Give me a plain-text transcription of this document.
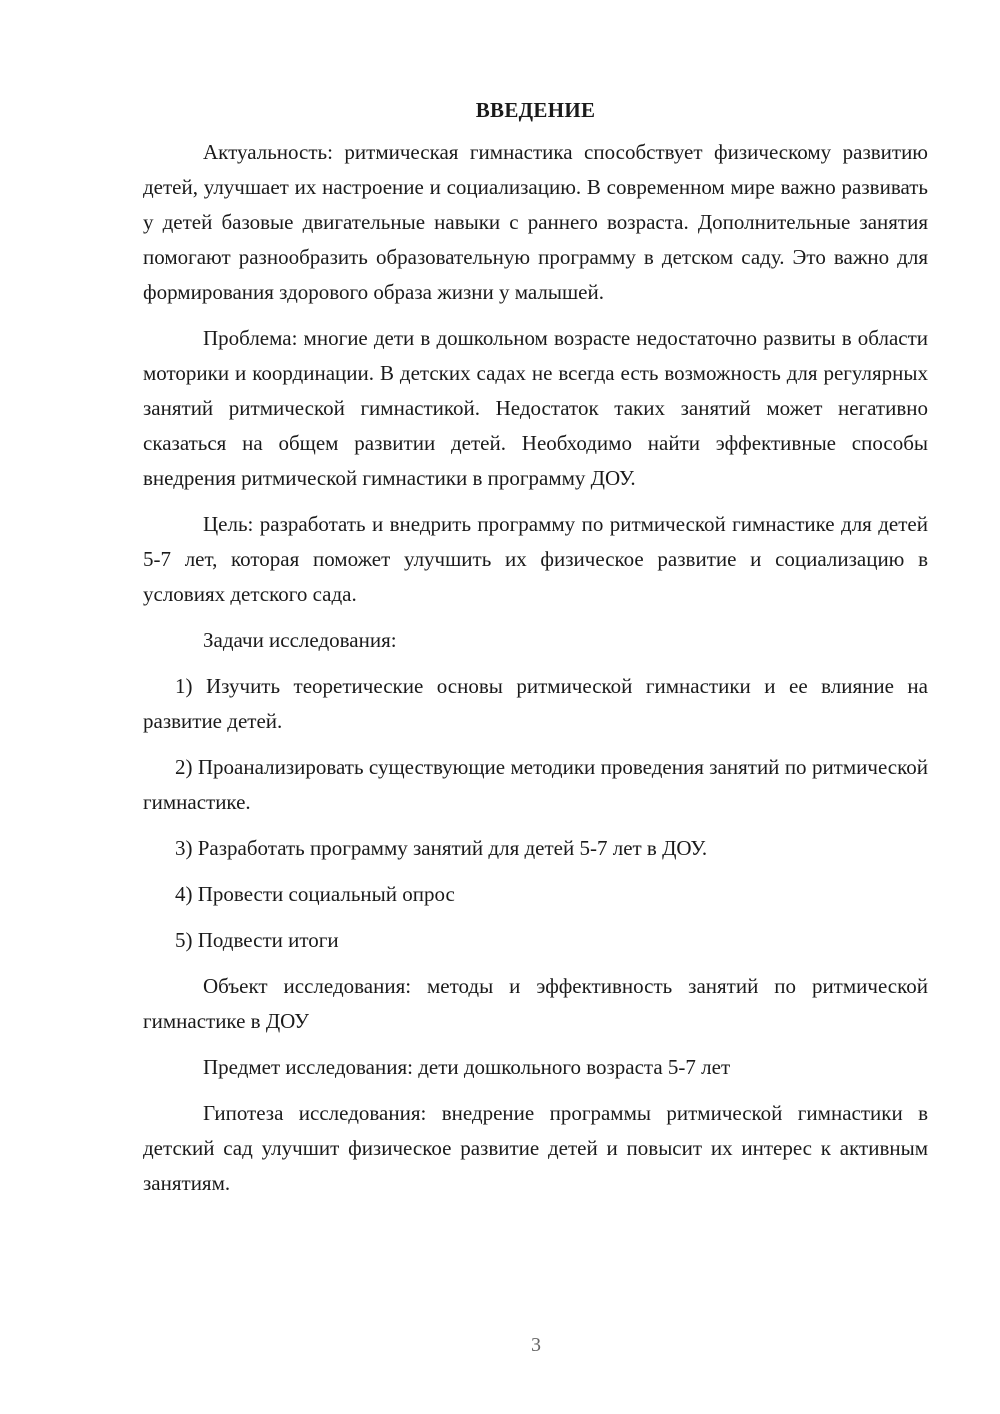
ВВЕДЕНИЕ

Актуальность: ритмическая гимнастика способствует физическому развитию детей, улучшает их настроение и социализацию. В современном мире важно развивать у детей базовые двигательные навыки с раннего возраста. Дополнительные занятия помогают разнообразить образовательную программу в детском саду. Это важно для формирования здорового образа жизни у малышей.

Проблема: многие дети в дошкольном возрасте недостаточно развиты в области моторики и координации. В детских садах не всегда есть возможность для регулярных занятий ритмической гимнастикой. Недостаток таких занятий может негативно сказаться на общем развитии детей. Необходимо найти эффективные способы внедрения ритмической гимнастики в программу ДОУ.

Цель: разработать и внедрить программу по ритмической гимнастике для детей 5-7 лет, которая поможет улучшить их физическое развитие и социализацию в условиях детского сада.

Задачи исследования:

1) Изучить теоретические основы ритмической гимнастики и ее влияние на развитие детей.

2) Проанализировать существующие методики проведения занятий по ритмической гимнастике.

3) Разработать программу занятий для детей 5-7 лет в ДОУ.

4) Провести социальный опрос

5) Подвести итоги

Объект исследования: методы и эффективность занятий по ритмической гимнастике в ДОУ

Предмет исследования: дети дошкольного возраста 5-7 лет

Гипотеза исследования: внедрение программы ритмической гимнастики в детский сад улучшит физическое развитие детей и повысит их интерес к активным занятиям.

3
